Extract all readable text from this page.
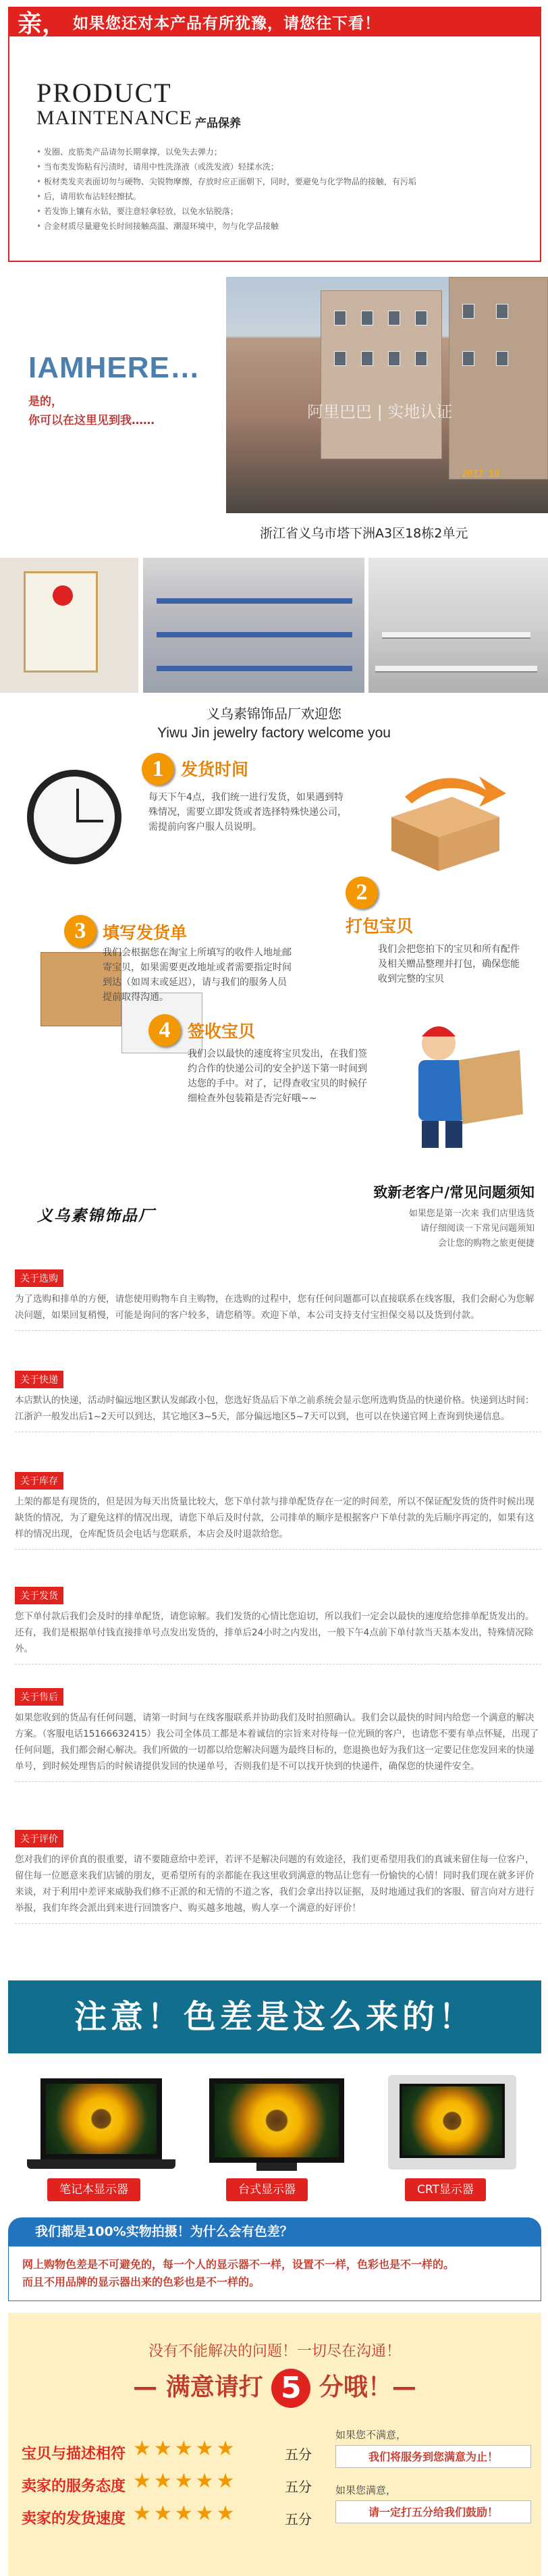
亲， 如果您还对本产品有所犹豫，请您往下看！
PRODUCT
MAINTENANCE 产品保养
• 发圈、皮筋类产品请勿长期拿撑，以免失去弹力；
• 当布类发饰粘有污渍时，请用中性洗涤液（或洗发液）轻揉水洗；
• 板材类发夹表面切勿与硬物、尖锐物摩擦，存放时应正面朝下，同时，要避免与化学物品的接触，有污垢
• 后，请用软布沾轻轻擦拭。
• 若发饰上镶有水钻，要注意轻拿轻放，以免水钻脱落；
• 合金材质尽量避免长时间接触高温、潮湿环境中，勿与化学品接触
IAMHERE…
是的，
你可以在这里见到我……	阿里巴巴 | 实地认证
2017 10
浙江省义乌市塔下洲A3区18栋2单元
义乌素锦饰品厂欢迎您
Yiwu Jin jewelry factory welcome you
1	发货时间
每天下午4点，我们统一进行发货，如果遇到特殊情况，需要立即发货或者选择特殊快递公司，需提前向客户服人员说明。
2
打包宝贝
我们会把您拍下的宝贝和所有配件及相关赠品整理并打包，确保您能收到完整的宝贝
3 填写发货单
我们会根据您在淘宝上所填写的收件人地址邮寄宝贝，如果需要更改地址或者需要指定时间到达（如周末或延迟），请与我们的服务人员提前取得沟通。
4	签收宝贝
我们会以最快的速度将宝贝发出，在我们签约合作的快递公司的安全护送下第一时间到达您的手中。对了，记得查收宝贝的时候仔细检查外包装箱是否完好哦~~
义乌素锦饰品厂
致新老客户/常见问题须知
如果您是第一次来 我们店里选货
请仔细阅读一下常见问题须知
会让您的购物之旅更便捷
关于选购
为了选购和排单的方便，请您使用购物车自主购物，在选购的过程中，您有任何问题都可以直接联系在线客服，我们会耐心为您解决问题，如果回复稍慢，可能是询问的客户较多，请您稍等。欢迎下单，本公司支持支付宝担保交易以及货到付款。
关于快递
本店默认的快递，活动时偏远地区默认发邮政小包，您选好货品后下单之前系统会显示您所选购货品的快递价格。快递到达时间：江浙沪一般发出后1~2天可以到达，其它地区3~5天，部分偏远地区5~7天可以到，也可以在快递官网上查询到快递信息。
关于库存
上架的都是有现货的，但是因为每天出货量比较大，您下单付款与排单配货存在一定的时间差，所以不保证配发货的货件时候出现缺货的情况，为了避免这样的情况出现，请您下单后及时付款，公司排单的顺序是根据客户下单付款的先后顺序再定的，如果有这样的情况出现，仓库配货员会电话与您联系，本店会及时退款给您。
关于发货
您下单付款后我们会及时的排单配货，请您谅解。我们发货的心情比您迫切，所以我们一定会以最快的速度给您排单配货发出的。还有，我们是根据单付钱直接排单号点发出发货的，排单后24小时之内发出，一般下午4点前下单付款当天基本发出，特殊情况除外。
关于售后
如果您收到的货品有任何问题，请第一时间与在线客服联系并协助我们及时拍照确认。我们会以最快的时间内给您一个满意的解决方案。（客服电话15166632415）我公司全体员工都是本着诚信的宗旨来对待每一位光顾的客户，也请您不要有单点怀疑，出现了任何问题，我们都会耐心解决。我们所做的一切都以给您解决问题为最终目标的，您退换也好为我们这一定要记住您发回来的快递单号，到时候处理售后的时候请提供发回的快递单号，否则我们是不可以找开快到的快递件，确保您的快递件安全。
关于评价
您对我们的评价真的很重要，请不要随意给中差评，若评不是解决问题的有效途径，我们更希望用我们的真诚来留住每一位客户，留住每一位愿意来我们店铺的朋友，更希望所有的亲都能在我这里收到满意的物品让您有一份愉快的心情！同时我们现在就多评价来谈，对于利用中差评来威胁我们修不正派的和无情的不道之客，我们会拿出持以证据，及时地通过我们的客服、留言向对方进行举报，我们年终会派出到来进行回馈客户、购买越多地越，购人享一个满意的好评价！
注意！色差是这么来的！
笔记本显示器	台式显示器	CRT显示器
我们都是100%实物拍摄！为什么会有色差？
网上购物色差是不可避免的，每一个人的显示器不一样，设置不一样，色彩也是不一样的。
而且不用品牌的显示器出来的色彩也是不一样的。
没有不能解决的问题！一切尽在沟通！
— 满意请打 5 分哦！—
宝贝与描述相符 ★★★★★	五分
卖家的服务态度 ★★★★★	五分
卖家的发货速度 ★★★★★	五分
如果您不满意，
我们将服务到您满意为止！
如果您满意，
请一定打五分给我们鼓励！
